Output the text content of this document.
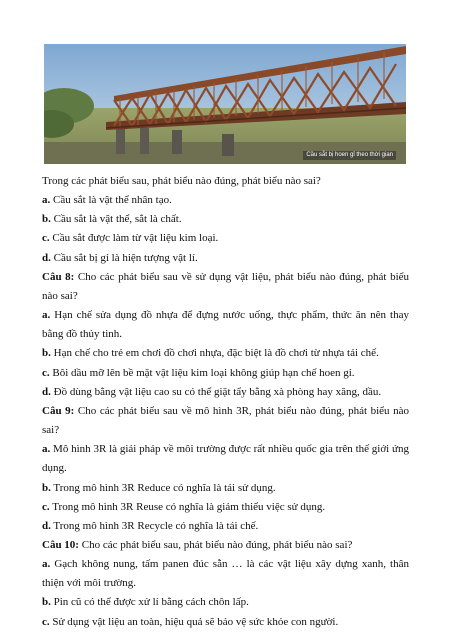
Cầu sắt bị hoen gỉ theo thời gian

Trong các phát biểu sau, phát biểu nào đúng, phát biểu nào sai?

a. Cầu sắt là vật thể nhân tạo.

b. Cầu sắt là vật thể, sắt là chất.

c. Cầu sắt được làm từ vật liệu kim loại.

d. Cầu sắt bị gỉ là hiện tượng vật lí.

Câu 8: Cho các phát biểu sau về sử dụng vật liệu, phát biểu nào đúng, phát biểu nào sai?

a. Hạn chế sửa dụng đồ nhựa để đựng nước uống, thực phẩm, thức ăn nên thay bằng đồ thủy tinh.

b. Hạn chế cho trẻ em chơi đồ chơi nhựa, đặc biệt là đồ chơi từ nhựa tái chế.

c. Bôi dầu mỡ lên bề mặt vật liệu kim loại không giúp hạn chế hoen gỉ.

d. Đồ dùng bằng vật liệu cao su có thể giặt tẩy bằng xà phòng hay xăng, dầu.

Câu 9: Cho các phát biểu sau về mô hình 3R, phát biểu nào đúng, phát biểu nào sai?

a. Mô hình 3R là giải pháp về môi trường được rất nhiều quốc gia trên thế giới ứng dụng.

b. Trong mô hình 3R Reduce có nghĩa là tái sử dụng.

c. Trong mô hình 3R Reuse có nghĩa là giảm thiểu việc sử dụng.

d. Trong mô hình 3R Recycle có nghĩa là tái chế.

Câu 10: Cho các phát biểu sau, phát biểu nào đúng, phát biểu nào sai?

a. Gạch không nung, tấm panen đúc sẵn … là các vật liệu xây dựng xanh, thân thiện với môi trường.

b. Pin cũ có thể được xử lí bằng cách chôn lấp.

c. Sử dụng vật liệu an toàn, hiệu quả sẽ bảo vệ sức khỏe con người.
